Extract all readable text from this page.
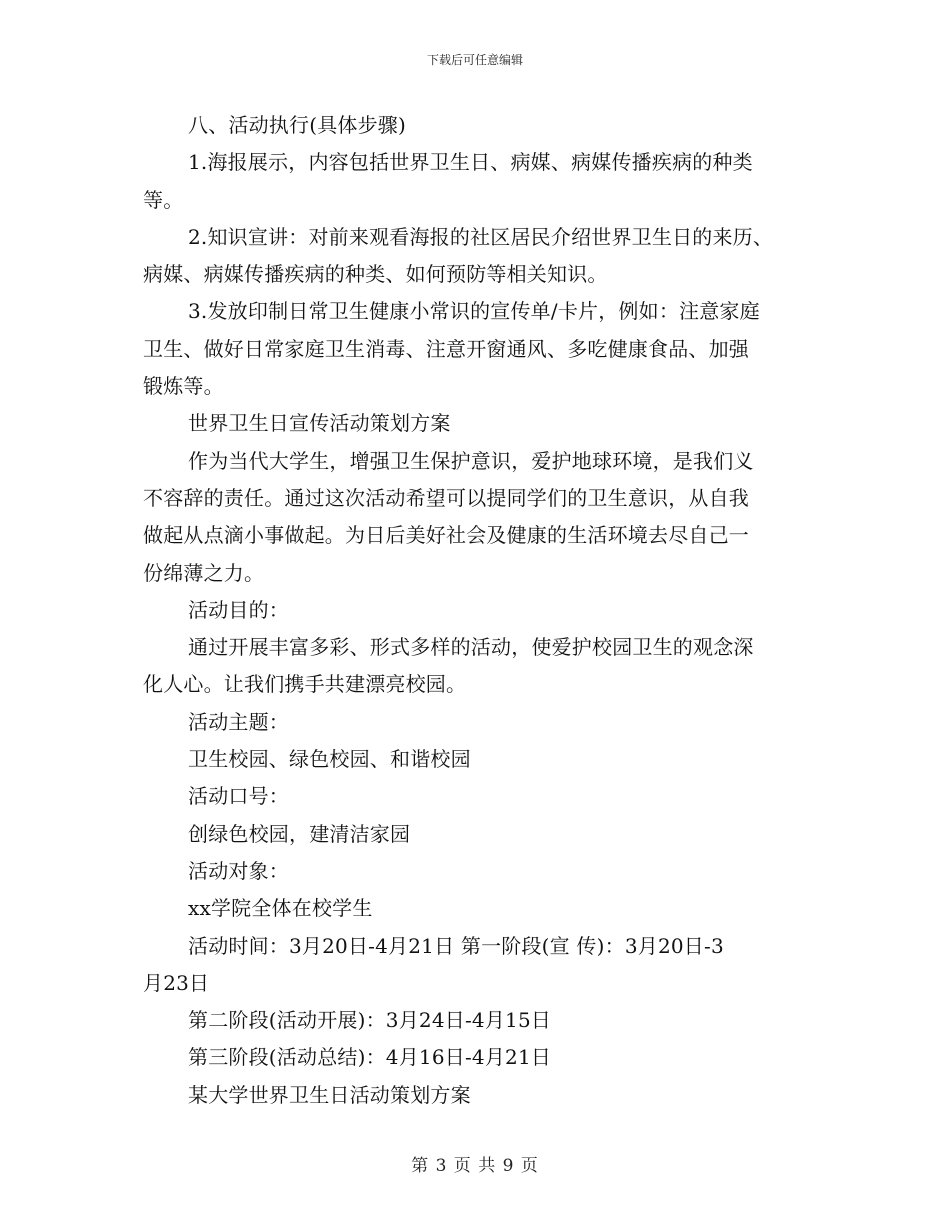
下载后可任意编辑

八、活动执行(具体步骤)

1.海报展示，内容包括世界卫生日、病媒、病媒传播疾病的种类

等。

2.知识宣讲：对前来观看海报的社区居民介绍世界卫生日的来历、

病媒、病媒传播疾病的种类、如何预防等相关知识。

3.发放印制日常卫生健康小常识的宣传单/卡片，例如：注意家庭

卫生、做好日常家庭卫生消毒、注意开窗通风、多吃健康食品、加强

锻炼等。

世界卫生日宣传活动策划方案

作为当代大学生，增强卫生保护意识，爱护地球环境，是我们义

不容辞的责任。通过这次活动希望可以提同学们的卫生意识，从自我

做起从点滴小事做起。为日后美好社会及健康的生活环境去尽自己一

份绵薄之力。

活动目的：

通过开展丰富多彩、形式多样的活动，使爱护校园卫生的观念深

化人心。让我们携手共建漂亮校园。

活动主题：

卫生校园、绿色校园、和谐校园

活动口号：

创绿色校园，建清洁家园

活动对象：

xx学院全体在校学生

活动时间：3月20日-4月21日 第一阶段(宣 传)：3月20日-3

月23日

第二阶段(活动开展)：3月24日-4月15日

第三阶段(活动总结)：4月16日-4月21日

某大学世界卫生日活动策划方案

第 3 页 共 9 页
